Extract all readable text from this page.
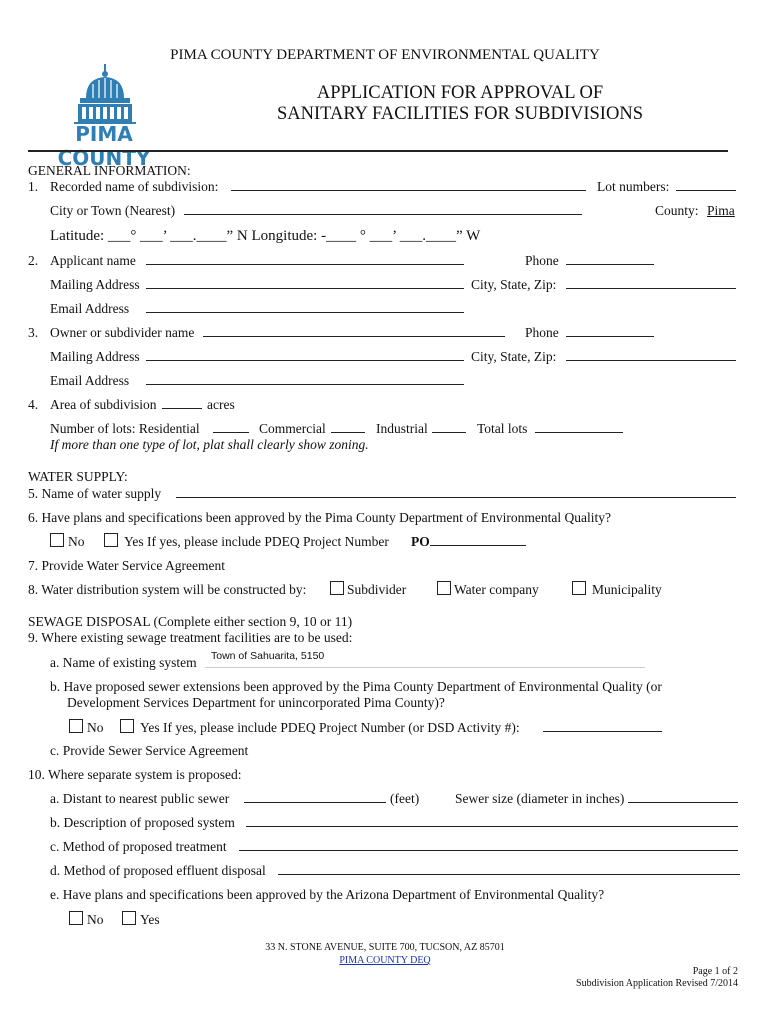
PIMA COUNTY DEPARTMENT OF ENVIRONMENTAL QUALITY
PIMA COUNTY
APPLICATION FOR APPROVAL OF
SANITARY FACILITIES FOR SUBDIVISIONS
GENERAL INFORMATION:
1. Recorded name of subdivision:	Lot numbers:
City or Town (Nearest)	County: Pima
Latitude: ___° ___’ ___.____” N Longitude: -____ ° ___’ ___.____” W
2. Applicant name	Phone
Mailing Address	City, State, Zip:
Email Address
3. Owner or subdivider name	Phone
Mailing Address	City, State, Zip:
Email Address
4. Area of subdivision	acres
Number of lots: Residential	Commercial	Industrial	Total lots
If more than one type of lot, plat shall clearly show zoning.
WATER SUPPLY:
5. Name of water supply
6. Have plans and specifications been approved by the Pima County Department of Environmental Quality?
No	Yes If yes, please include PDEQ Project Number PO
7. Provide Water Service Agreement
8. Water distribution system will be constructed by:	Subdivider	Water company	Municipality
SEWAGE DISPOSAL (Complete either section 9, 10 or 11)
9. Where existing sewage treatment facilities are to be used:
a. Name of existing system Town of Sahuarita, 5150
b. Have proposed sewer extensions been approved by the Pima County Department of Environmental Quality (or
Development Services Department for unincorporated Pima County)?
No	Yes If yes, please include PDEQ Project Number (or DSD Activity #):
c. Provide Sewer Service Agreement
10. Where separate system is proposed:
a. Distant to nearest public sewer	(feet)	Sewer size (diameter in inches)
b. Description of proposed system
c. Method of proposed treatment
d. Method of proposed effluent disposal
e. Have plans and specifications been approved by the Arizona Department of Environmental Quality?
No	Yes
33 N. STONE AVENUE, SUITE 700, TUCSON, AZ 85701
PIMA COUNTY DEQ
Page 1 of 2
Subdivision Application Revised 7/2014
